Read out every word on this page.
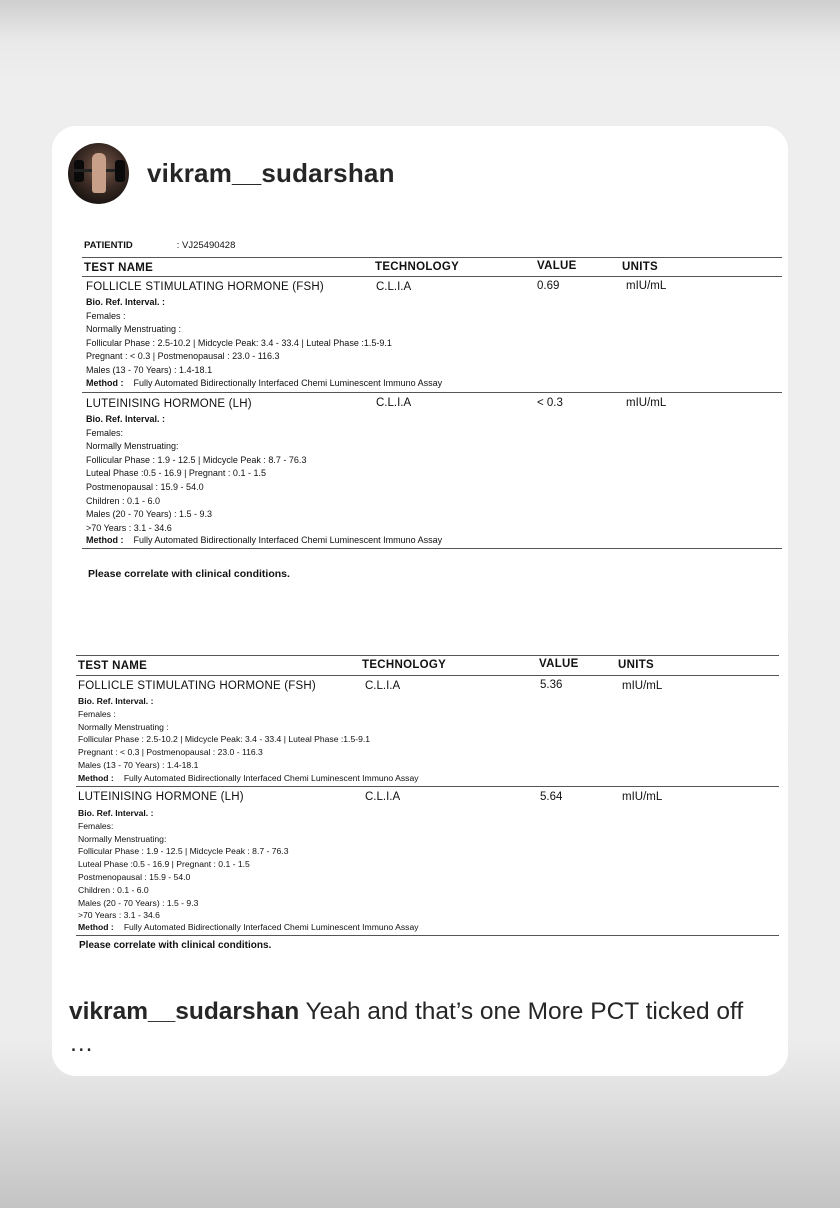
vikram__sudarshan
PATIENTID	: VJ25490428
TEST NAME	TECHNOLOGY	VALUE	UNITS
FOLLICLE STIMULATING HORMONE (FSH)	C.L.I.A	0.69	mIU/mL
Bio. Ref. Interval. :
Females :
Normally Menstruating :
Follicular Phase : 2.5-10.2 | Midcycle Peak: 3.4 - 33.4 | Luteal Phase :1.5-9.1
Pregnant : < 0.3 | Postmenopausal : 23.0 - 116.3
Males (13 - 70 Years) : 1.4-18.1
Method : Fully Automated Bidirectionally Interfaced Chemi Luminescent Immuno Assay
LUTEINISING HORMONE (LH)	C.L.I.A	< 0.3	mIU/mL
Bio. Ref. Interval. :
Females:
Normally Menstruating:
Follicular Phase : 1.9 - 12.5 | Midcycle Peak : 8.7 - 76.3
Luteal Phase :0.5 - 16.9 | Pregnant : 0.1 - 1.5
Postmenopausal : 15.9 - 54.0
Children : 0.1 - 6.0
Males (20 - 70 Years) : 1.5 - 9.3
>70 Years : 3.1 - 34.6
Method : Fully Automated Bidirectionally Interfaced Chemi Luminescent Immuno Assay
Please correlate with clinical conditions.
TEST NAME	TECHNOLOGY	VALUE	UNITS
FOLLICLE STIMULATING HORMONE (FSH)	C.L.I.A	5.36	mIU/mL
Bio. Ref. Interval. :
Females :
Normally Menstruating :
Follicular Phase : 2.5-10.2 | Midcycle Peak: 3.4 - 33.4 | Luteal Phase :1.5-9.1
Pregnant : < 0.3 | Postmenopausal : 23.0 - 116.3
Males (13 - 70 Years) : 1.4-18.1
Method : Fully Automated Bidirectionally Interfaced Chemi Luminescent Immuno Assay
LUTEINISING HORMONE (LH)	C.L.I.A	5.64	mIU/mL
Bio. Ref. Interval. :
Females:
Normally Menstruating:
Follicular Phase : 1.9 - 12.5 | Midcycle Peak : 8.7 - 76.3
Luteal Phase :0.5 - 16.9 | Pregnant : 0.1 - 1.5
Postmenopausal : 15.9 - 54.0
Children : 0.1 - 6.0
Males (20 - 70 Years) : 1.5 - 9.3
>70 Years : 3.1 - 34.6
Method : Fully Automated Bidirectionally Interfaced Chemi Luminescent Immuno Assay
Please correlate with clinical conditions.
vikram__sudarshan Yeah and that’s one More PCT ticked off …
